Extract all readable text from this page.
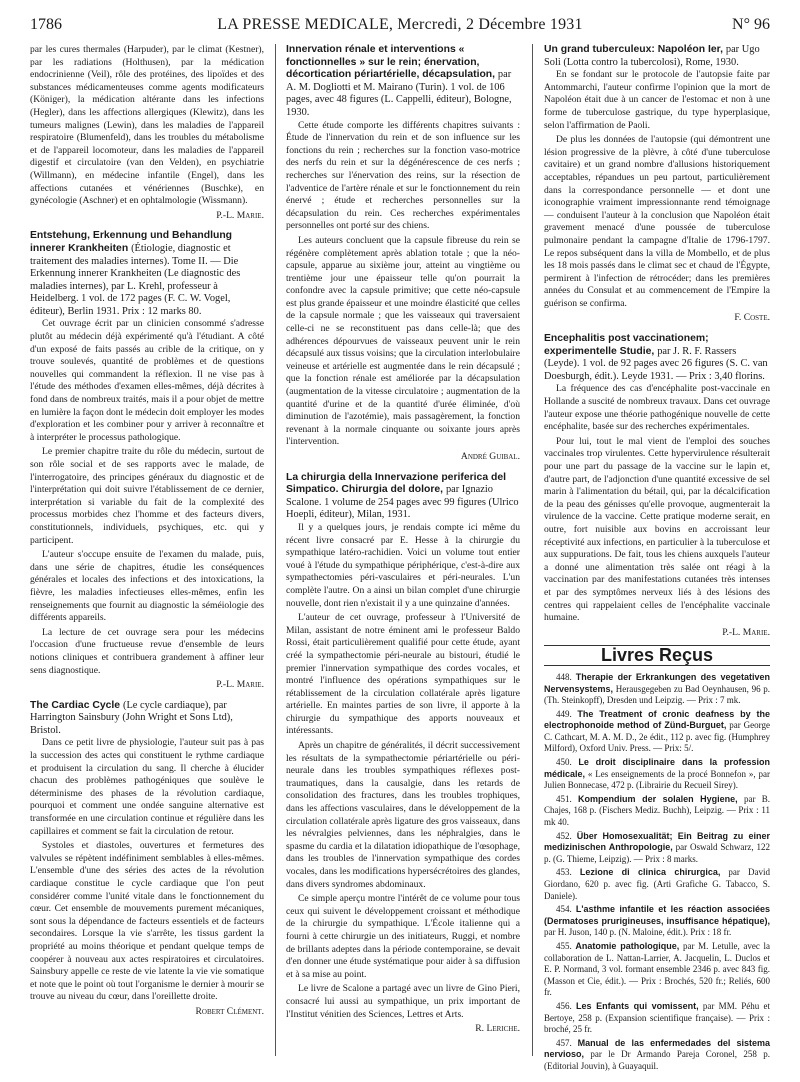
1786	LA PRESSE MEDICALE, Mercredi, 2 Décembre 1931	N° 96

par les cures thermales (Harpuder), par le climat (Kestner), par les radiations (Holthusen), par la médication endocrinienne (Veil), rôle des protéines, des lipoïdes et des substances médicamenteuses comme agents modificateurs (Königer), la médication altérante dans les infections (Hegler), dans les affections allergiques (Klewitz), dans les tumeurs malignes (Lewin), dans les maladies de l'appareil respiratoire (Blumenfeld), dans les troubles du métabolisme et de l'appareil locomoteur, dans les maladies de l'appareil digestif et circulatoire (van den Velden), en psychiatrie (Willmann), en médecine infantile (Engel), dans les affections cutanées et vénériennes (Buschke), en gynécologie (Aschner) et en ophtalmologie (Wissmann).

P.-L. Marie.
Entstehung, Erkennung und Behandlung innerer Krankheiten (Étiologie, diagnostic et traitement des maladies internes). Tome II. — Die Erkennung innerer Krankheiten (Le diagnostic des maladies internes), par L. Krehl, professeur à Heidelberg. 1 vol. de 172 pages (F. C. W. Vogel, éditeur), Berlin 1931. Prix : 12 marks 80.

Cet ouvrage écrit par un clinicien consommé s'adresse plutôt au médecin déjà expérimenté qu'à l'étudiant. A côté d'un exposé de faits passés au crible de la critique, on y trouve soulevés, quantité de problèmes et de questions nouvelles qui commandent la réflexion. Il ne vise pas à l'étude des méthodes d'examen elles-mêmes, déjà décrites à fond dans de nombreux traités, mais il a pour objet de mettre en lumière la façon dont le médecin doit employer les modes d'exploration et les combiner pour y arriver à reconnaître et à interpréter le processus pathologique.

Le premier chapitre traite du rôle du médecin, surtout de son rôle social et de ses rapports avec le malade, de l'interrogatoire, des principes généraux du diagnostic et de l'interprétation qui doit suivre l'établissement de ce dernier, interprétation si variable du fait de la complexité des processus morbides chez l'homme et des facteurs divers, constitutionnels, individuels, psychiques, etc. qui y participent.

L'auteur s'occupe ensuite de l'examen du malade, puis, dans une série de chapitres, étudie les conséquences générales et locales des infections et des intoxications, la fièvre, les maladies infectieuses elles-mêmes, enfin les renseignements que fournit au diagnostic la séméiologie des différents appareils.

La lecture de cet ouvrage sera pour les médecins l'occasion d'une fructueuse revue d'ensemble de leurs notions cliniques et contribuera grandement à affiner leur sens diagnostique.

P.-L. Marie.
The Cardiac Cycle (Le cycle cardiaque), par Harrington Sainsbury (John Wright et Sons Ltd), Bristol.

Dans ce petit livre de physiologie, l'auteur suit pas à pas la succession des actes qui constituent le rythme cardiaque et produisent la circulation du sang. Il cherche à élucider chacun des problèmes pathogéniques que soulève le déterminisme des phases de la révolution cardiaque, pourquoi et comment une ondée sanguine alternative est transformée en une circulation continue et régulière dans les capillaires et comment se fait la circulation de retour.

Systoles et diastoles, ouvertures et fermetures des valvules se répètent indéfiniment semblables à elles-mêmes. L'ensemble d'une des séries des actes de la révolution cardiaque constitue le cycle cardiaque que l'on peut considérer comme l'unité vitale dans le fonctionnement du cœur. Cet ensemble de mouvements purement mécaniques, sont sous la dépendance de facteurs essentiels et de facteurs secondaires. Lorsque la vie s'arrête, les tissus gardent la propriété au moins théorique et pendant quelque temps de coopérer à nouveau aux actes respiratoires et circulatoires. Sainsbury appelle ce reste de vie latente la vie vie somatique et note que le point où tout l'organisme le dernier à mourir se trouve au niveau du cœur, dans l'oreillette droite.

Robert Clément.
Innervation rénale et interventions « fonctionnelles » sur le rein; énervation, décortication périartérielle, décapsulation, par A. M. Dogliotti et M. Mairano (Turin). 1 vol. de 106 pages, avec 48 figures (L. Cappelli, éditeur), Bologne, 1930.

Cette étude comporte les différents chapitres suivants : Étude de l'innervation du rein et de son influence sur les fonctions du rein ; recherches sur la fonction vaso-motrice des nerfs du rein et sur la dégénérescence de ces nerfs ; recherches sur l'énervation des reins, sur la résection de l'adventice de l'artère rénale et sur le fonctionnement du rein énervé ; étude et recherches personnelles sur la décapsulation du rein. Ces recherches expérimentales personnelles ont porté sur des chiens.

Les auteurs concluent que la capsule fibreuse du rein se régénère complètement après ablation totale ; que la néo-capsule, apparue au sixième jour, atteint au vingtième ou trentième jour une épaisseur telle qu'on pourrait la confondre avec la capsule primitive; que cette néo-capsule est plus grande épaisseur et une moindre élasticité que celles de la capsule normale ; que les vaisseaux qui traversaient celle-ci ne se reconstituent pas dans celle-là; que des adhérences dépourvues de vaisseaux peuvent unir le rein décapsulé aux tissus voisins; que la circulation interlobulaire veineuse et artérielle est augmentée dans le rein décapsulé ; que la fonction rénale est améliorée par la décapsulation (augmentation de la vitesse circulatoire ; augmentation de la quantité d'urine et de la quantité d'urée éliminée, d'où diminution de l'azotémie), mais passagèrement, la fonction revenant à la normale cinquante ou soixante jours après l'intervention.

André Guibal.
La chirurgia della Innervazione periferica del Simpatico. Chirurgia del dolore, par Ignazio Scalone. 1 volume de 254 pages avec 99 figures (Ulrico Hoepli, éditeur), Milan, 1931.

Il y a quelques jours, je rendais compte ici même du récent livre consacré par E. Hesse à la chirurgie du sympathique latéro-rachidien. Voici un volume tout entier voué à l'étude du sympathique périphérique, c'est-à-dire aux sympathectomies péri-vasculaires et péri-neurales. L'un complète l'autre. On a ainsi un bilan complet d'une chirurgie nouvelle, dont rien n'existait il y a une quinzaine d'années.

L'auteur de cet ouvrage, professeur à l'Université de Milan, assistant de notre éminent ami le professeur Baldo Rossi, était particulièrement qualifié pour cette étude, ayant créé la sympathectomie péri-neurale au bistouri, étudié le premier l'innervation sympathique des cordes vocales, et montré l'influence des opérations sympathiques sur le rétablissement de la circulation collatérale après ligature artérielle. En maintes parties de son livre, il apporte à la chirurgie du sympathique des apports nouveaux et intéressants.

Après un chapitre de généralités, il décrit successivement les résultats de la sympathectomie périartérielle ou péri-neurale dans les troubles sympathiques réflexes post-traumatiques, dans la causalgie, dans les retards de consolidation des fractures, dans les troubles trophiques, dans les affections vasculaires, dans le développement de la circulation collatérale après ligature des gros vaisseaux, dans les névralgies pelviennes, dans les néphralgies, dans le spasme du cardia et la dilatation idiopathique de l'œsophage, dans les troubles de l'innervation sympathique des cordes vocales, dans les modifications hypersécrétoires des glandes, dans divers syndromes abdominaux.

Ce simple aperçu montre l'intérêt de ce volume pour tous ceux qui suivent le développement croissant et méthodique de la chirurgie du sympathique. L'École italienne qui a fourni à cette chirurgie un des initiateurs, Ruggi, et nombre de brillants adeptes dans la période contemporaine, se devait d'en donner une étude systématique pour aider à sa diffusion et à sa mise au point.

Le livre de Scalone a partagé avec un livre de Gino Pieri, consacré lui aussi au sympathique, un prix important de l'Institut vénitien des Sciences, Lettres et Arts.

R. Leriche.
Un grand tuberculeux: Napoléon Ier, par Ugo Soli (Lotta contro la tubercolosi), Rome, 1930.

En se fondant sur le protocole de l'autopsie faite par Antommarchi, l'auteur confirme l'opinion que la mort de Napoléon était due à un cancer de l'estomac et non à une forme de tuberculose gastrique, du type hyperplasique, selon l'affirmation de Paoli.

De plus les données de l'autopsie (qui démontrent une lésion progressive de la plèvre, à côté d'une tuberculose cavitaire) et un grand nombre d'allusions historiquement acceptables, répandues un peu partout, particulièrement dans la correspondance personnelle — et dont une iconographie vraiment impressionnante rend témoignage — conduisent l'auteur à la conclusion que Napoléon était gravement menacé d'une poussée de tuberculose pulmonaire pendant la campagne d'Italie de 1796-1797. Le repos subséquent dans la villa de Mombello, et de plus les 18 mois passés dans le climat sec et chaud de l'Égypte, permirent à l'infection de rétrocéder; dans les premières années du Consulat et au commencement de l'Empire la guérison se confirma.

F. Coste.
Encephalitis post vaccinationem; experimentelle Studie, par J. R. F. Rassers (Leyde). 1 vol. de 92 pages avec 26 figures (S. C. van Doesburgh, édit.). Leyde 1931. — Prix : 3,40 florins.

La fréquence des cas d'encéphalite post-vaccinale en Hollande a suscité de nombreux travaux. Dans cet ouvrage l'auteur expose une théorie pathogénique nouvelle de cette encéphalite, basée sur des recherches expérimentales.

Pour lui, tout le mal vient de l'emploi des souches vaccinales trop virulentes. Cette hypervirulence résulterait pour une part du passage de la vaccine sur le lapin et, d'autre part, de l'adjonction d'une quantité excessive de sel marin à l'alimentation du bétail, qui, par la décalcification de la peau des génisses qu'elle provoque, augmenterait la virulence de la vaccine. Cette pratique moderne serait, en outre, fort nuisible aux bovins en accroissant leur réceptivité aux infections, en particulier à la tuberculose et aux suppurations. De fait, tous les chiens auxquels l'auteur a donné une alimentation très salée ont réagi à la vaccination par des manifestations cutanées très intenses et par des symptômes nerveux liés à des lésions des centres qui rappelaient celles de l'encéphalite vaccinale humaine.

P.-L. Marie.
Livres Reçus

448. Therapie der Erkrankungen des vegetativen Nervensystems, Herausgegeben zu Bad Oeynhausen, 96 p. (Th. Steinkopff), Dresden und Leipzig. — Prix : 7 mk.

449. The Treatment of cronic deafness by the electrophonoide method of Zünd-Burguet, par George C. Cathcart, M. A. M. D., 2e édit., 112 p. avec fig. (Humphrey Milford), Oxford Univ. Press. — Prix: 5/.

450. Le droit disciplinaire dans la profession médicale, « Les enseignements de la procé Bonnefon », par Julien Bonnecase, 472 p. (Librairie du Recueil Sirey).

451. Kompendium der solalen Hygiene, par B. Chajes, 168 p. (Fischers Mediz. Buchh), Leipzig. — Prix : 11 mk 40.

452. Über Homosexualität; Ein Beitrag zu einer medizinischen Anthropologie, par Oswald Schwarz, 122 p. (G. Thieme, Leipzig). — Prix : 8 marks.

453. Lezione di clinica chirurgica, par David Giordano, 620 p. avec fig. (Arti Grafiche G. Tabacco, S. Daniele).

454. L'asthme infantile et les réaction associées (Dermatoses prurigineuses, insuffisance hépatique), par H. Juson, 140 p. (N. Maloine, édit.). Prix : 18 fr.

455. Anatomie pathologique, par M. Letulle, avec la collaboration de L. Nattan-Larrier, A. Jacquelin, L. Duclos et E. P. Normand, 3 vol. formant ensemble 2346 p. avec 843 fig. (Masson et Cie, édit.). — Prix : Brochés, 520 fr.; Reliés, 600 fr.

456. Les Enfants qui vomissent, par MM. Péhu et Bertoye, 258 p. (Expansion scientifique française). — Prix : broché, 25 fr.

457. Manual de las enfermedades del sistema nervioso, par le Dr Armando Pareja Coronel, 258 p. (Editorial Jouvin), à Guayaquil.
